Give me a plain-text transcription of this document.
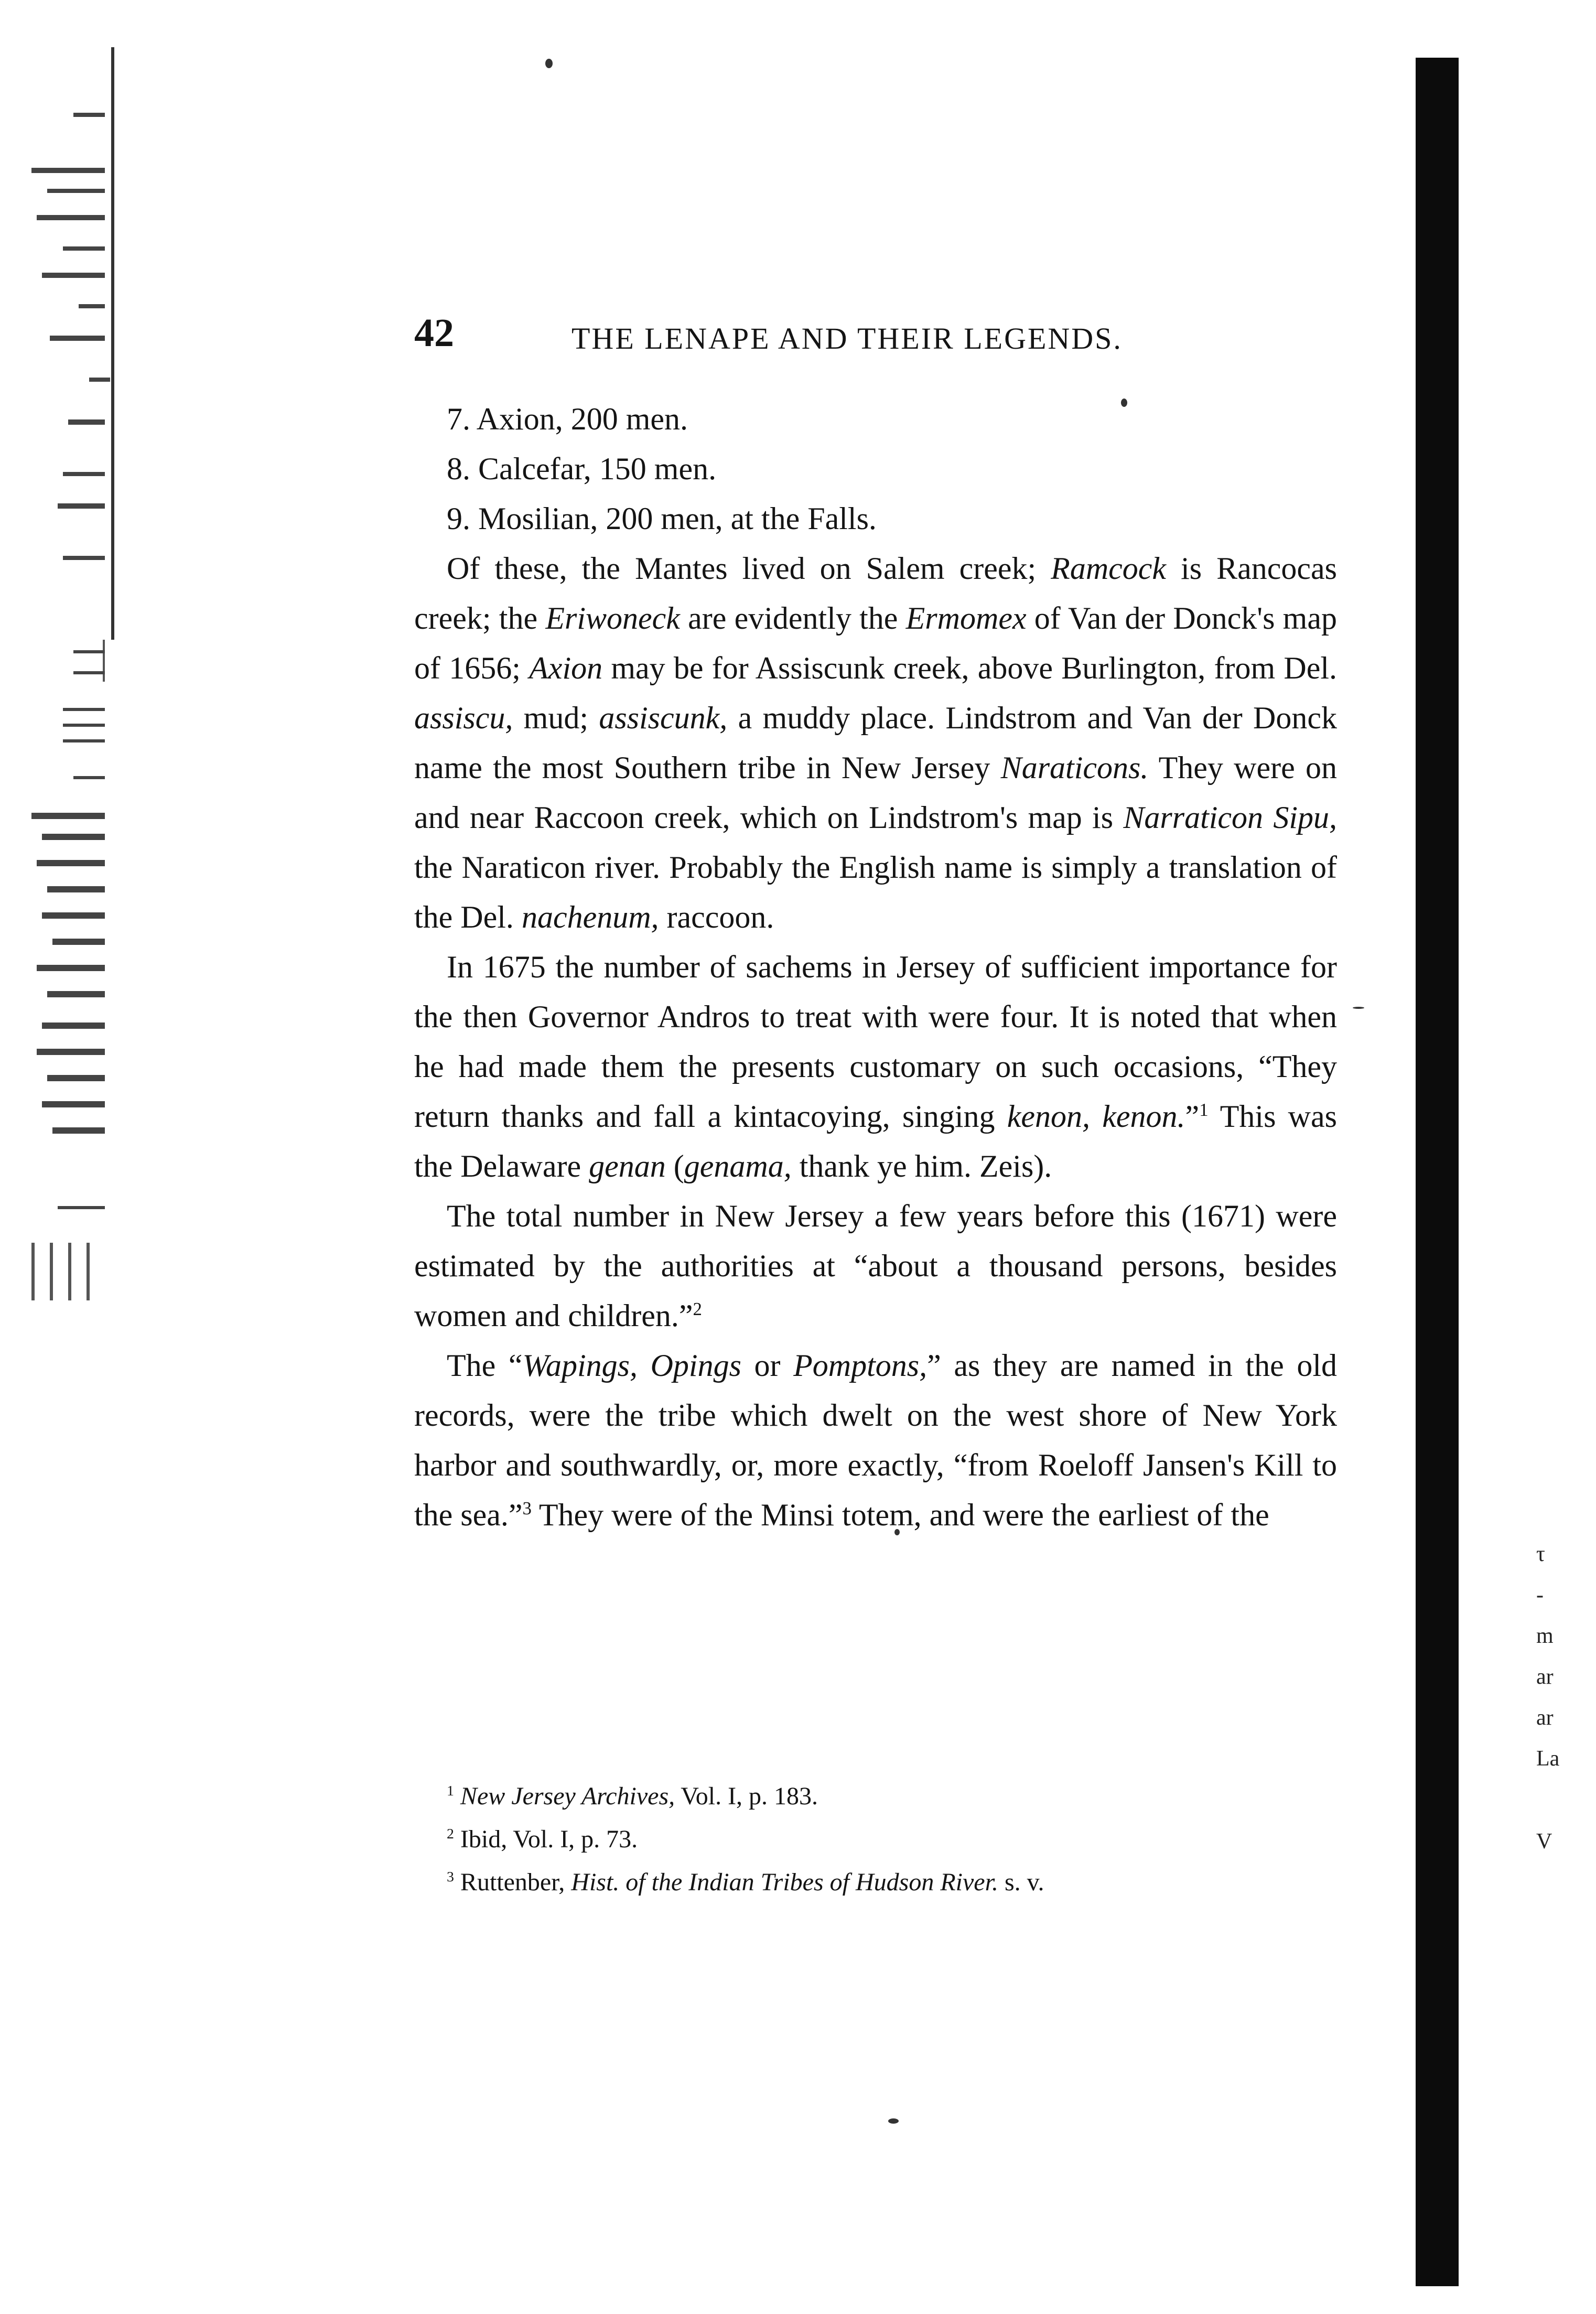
τ
-
m
ar
ar
La
V
42	THE LENAPE AND THEIR LEGENDS.

7. Axion, 200 men.

8. Calcefar, 150 men.

9. Mosilian, 200 men, at the Falls.

Of these, the Mantes lived on Salem creek; Ramcock is Rancocas creek; the Eriwoneck are evidently the Ermomex of Van der Donck's map of 1656; Axion may be for Assiscunk creek, above Burlington, from Del. assiscu, mud; assiscunk, a muddy place. Lindstrom and Van der Donck name the most Southern tribe in New Jersey Naraticons. They were on and near Raccoon creek, which on Lindstrom's map is Narraticon Sipu, the Naraticon river. Probably the English name is simply a translation of the Del. nachenum, raccoon.

In 1675 the number of sachems in Jersey of sufficient importance for the then Governor Andros to treat with were four. It is noted that when he had made them the presents customary on such occasions, “They return thanks and fall a kintacoying, singing kenon, kenon.”$^1$ This was the Delaware genan (genama, thank ye him. Zeis).

The total number in New Jersey a few years before this (1671) were estimated by the authorities at “about a thousand persons, besides women and children.”$^2$

The “Wapings, Opings or Pomptons,” as they are named in the old records, were the tribe which dwelt on the west shore of New York harbor and southwardly, or, more exactly, “from Roeloff Jansen's Kill to the sea.”$^3$ They were of the Minsi totem, and were the earliest of the

$^1$ New Jersey Archives, Vol. I, p. 183.

$^2$ Ibid, Vol. I, p. 73.

$^3$ Ruttenber, Hist. of the Indian Tribes of Hudson River. s. v.
